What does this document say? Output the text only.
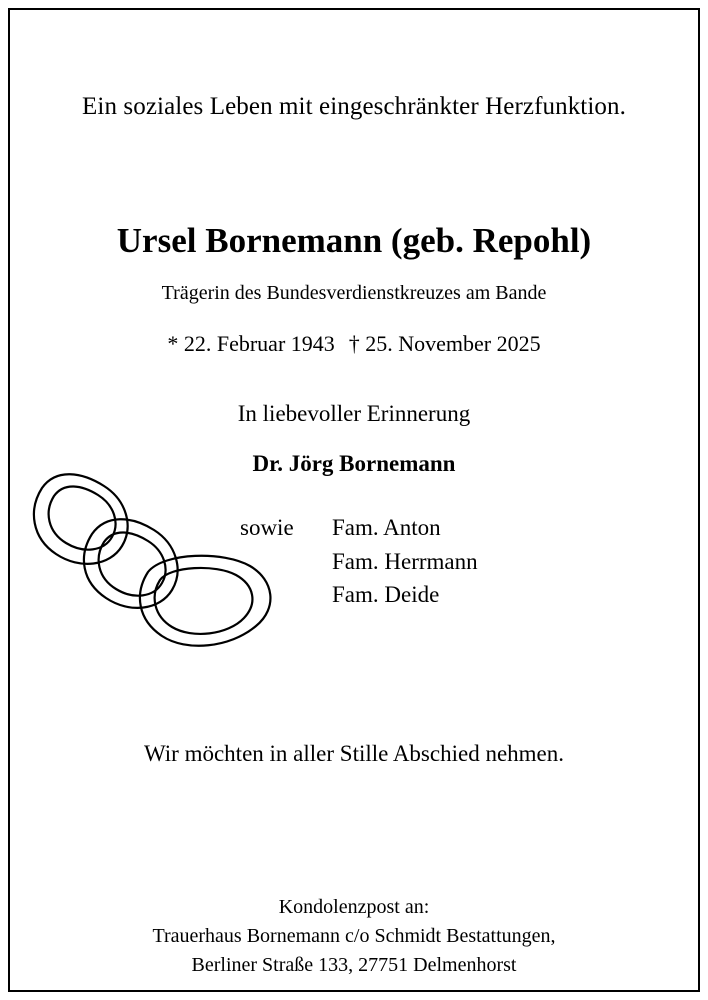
Ein soziales Leben mit eingeschränkter Herzfunktion.
Ursel Bornemann (geb. Repohl)
Trägerin des Bundesverdienstkreuzes am Bande
* 22. Februar 1943 † 25. November 2025
In liebevoller Erinnerung
Dr. Jörg Bornemann
sowie Fam. Anton
Fam. Herrmann
Fam. Deide
Wir möchten in aller Stille Abschied nehmen.
Kondolenzpost an:
Trauerhaus Bornemann c/o Schmidt Bestattungen,
Berliner Straße 133, 27751 Delmenhorst
